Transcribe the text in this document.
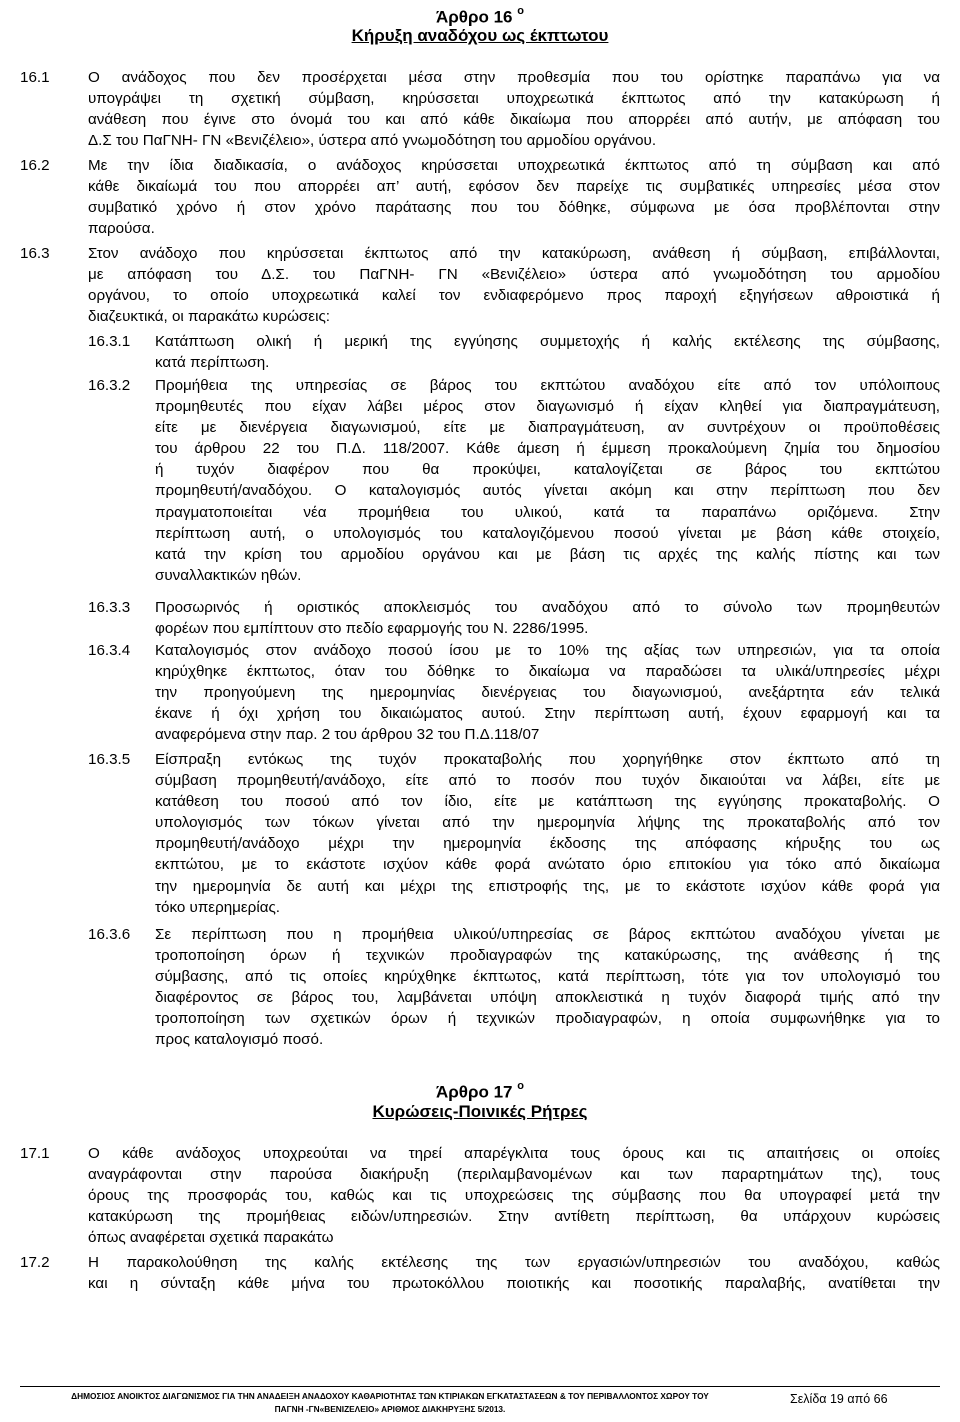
Άρθρο 16 $^o$
Κήρυξη αναδόχου ως έκπτωτου
16.1	Ο ανάδοχος που δεν προσέρχεται μέσα στην προθεσμία που του ορίστηκε παραπάνω για να
υπογράψει τη σχετική σύμβαση, κηρύσσεται υποχρεωτικά έκπτωτος από την κατακύρωση ή
ανάθεση που έγινε στο όνομά του και από κάθε δικαίωμα που απορρέει από αυτήν, με απόφαση του
Δ.Σ του ΠαΓΝΗ- ΓΝ «Βενιζέλειο», ύστερα από γνωμοδότηση του αρμοδίου οργάνου.
16.2	Με την ίδια διαδικασία, ο ανάδοχος κηρύσσεται υποχρεωτικά έκπτωτος από τη σύμβαση και από
κάθε δικαίωμά του που απορρέει απ’ αυτή, εφόσον δεν παρείχε τις συμβατικές υπηρεσίες μέσα στον
συμβατικό χρόνο ή στον χρόνο παράτασης που του δόθηκε, σύμφωνα με όσα προβλέπονται στην
παρούσα.
16.3	Στον ανάδοχο που κηρύσσεται έκπτωτος από την κατακύρωση, ανάθεση ή σύμβαση, επιβάλλονται,
με απόφαση του Δ.Σ. του ΠαΓΝΗ- ΓΝ «Βενιζέλειο» ύστερα από γνωμοδότηση του αρμοδίου
οργάνου, το οποίο υποχρεωτικά καλεί τον ενδιαφερόμενο προς παροχή εξηγήσεων αθροιστικά ή
διαζευκτικά, οι παρακάτω κυρώσεις:
16.3.1 Κατάπτωση ολική ή μερική της εγγύησης συμμετοχής ή καλής εκτέλεσης της σύμβασης,
κατά περίπτωση.
16.3.2 Προμήθεια της υπηρεσίας σε βάρος του εκπτώτου αναδόχου είτε από τον υπόλοιπους
προμηθευτές που είχαν λάβει μέρος στον διαγωνισμό ή είχαν κληθεί για διαπραγμάτευση,
είτε με διενέργεια διαγωνισμού, είτε με διαπραγμάτευση, αν συντρέχουν οι προϋποθέσεις
του άρθρου 22 του Π.Δ. 118/2007. Κάθε άμεση ή έμμεση προκαλούμενη ζημία του δημοσίου
ή τυχόν διαφέρον που θα προκύψει, καταλογίζεται σε βάρος του εκπτώτου
προμηθευτή/αναδόχου. Ο καταλογισμός αυτός γίνεται ακόμη και στην περίπτωση που δεν
πραγματοποιείται νέα προμήθεια του υλικού, κατά τα παραπάνω οριζόμενα. Στην
περίπτωση αυτή, ο υπολογισμός του καταλογιζόμενου ποσού γίνεται με βάση κάθε στοιχείο,
κατά την κρίση του αρμοδίου οργάνου και με βάση τις αρχές της καλής πίστης και των
συναλλακτικών ηθών.
16.3.3 Προσωρινός ή οριστικός αποκλεισμός του αναδόχου από το σύνολο των προμηθευτών
φορέων που εμπίπτουν στο πεδίο εφαρμογής του Ν. 2286/1995.
16.3.4 Καταλογισμός στον ανάδοχο ποσού ίσου με το 10% της αξίας των υπηρεσιών, για τα οποία
κηρύχθηκε έκπτωτος, όταν του δόθηκε το δικαίωμα να παραδώσει τα υλικά/υπηρεσίες μέχρι
την προηγούμενη της ημερομηνίας διενέργειας του διαγωνισμού, ανεξάρτητα εάν τελικά
έκανε ή όχι χρήση του δικαιώματος αυτού. Στην περίπτωση αυτή, έχουν εφαρμογή και τα
αναφερόμενα στην παρ. 2 του άρθρου 32 του Π.Δ.118/07
16.3.5 Είσπραξη εντόκως της τυχόν προκαταβολής που χορηγήθηκε στον έκπτωτο από τη
σύμβαση προμηθευτή/ανάδοχο, είτε από το ποσόν που τυχόν δικαιούται να λάβει, είτε με
κατάθεση του ποσού από τον ίδιο, είτε με κατάπτωση της εγγύησης προκαταβολής. Ο
υπολογισμός των τόκων γίνεται από την ημερομηνία λήψης της προκαταβολής από τον
προμηθευτή/ανάδοχο μέχρι την ημερομηνία έκδοσης της απόφασης κήρυξης του ως
εκπτώτου, με το εκάστοτε ισχύον κάθε φορά ανώτατο όριο επιτοκίου για τόκο από δικαίωμα
την ημερομηνία δε αυτή και μέχρι της επιστροφής της, με το εκάστοτε ισχύον κάθε φορά για
τόκο υπερημερίας.
16.3.6 Σε περίπτωση που η προμήθεια υλικού/υπηρεσίας σε βάρος εκπτώτου αναδόχου γίνεται με
τροποποίηση όρων ή τεχνικών προδιαγραφών της κατακύρωσης, της ανάθεσης ή της
σύμβασης, από τις οποίες κηρύχθηκε έκπτωτος, κατά περίπτωση, τότε για τον υπολογισμό του
διαφέροντος σε βάρος του, λαμβάνεται υπόψη αποκλειστικά η τυχόν διαφορά τιμής από την
τροποποίηση των σχετικών όρων ή τεχνικών προδιαγραφών, η οποία συμφωνήθηκε για το
προς καταλογισμό ποσό.
Άρθρο 17 $^o$
Κυρώσεις-Ποινικές Ρήτρες
17.1	Ο κάθε ανάδοχος υποχρεούται να τηρεί απαρέγκλιτα τους όρους και τις απαιτήσεις οι οποίες
αναγράφονται στην παρούσα διακήρυξη (περιλαμβανομένων και των παραρτημάτων της), τους
όρους της προσφοράς του, καθώς και τις υποχρεώσεις της σύμβασης που θα υπογραφεί μετά την
κατακύρωση της προμήθειας ειδών/υπηρεσιών. Στην αντίθετη περίπτωση, θα υπάρχουν κυρώσεις
όπως αναφέρεται σχετικά παρακάτω
17.2	Η παρακολούθηση της καλής εκτέλεσης της των εργασιών/υπηρεσιών του αναδόχου, καθώς
και η σύνταξη κάθε μήνα του πρωτοκόλλου ποιοτικής και ποσοτικής παραλαβής, ανατίθεται την
ΔΗΜΟΣΙΟΣ ΑΝΟΙΚΤΟΣ ΔΙΑΓΩΝΙΣΜΟΣ ΓΙΑ ΤΗΝ ΑΝΑΔΕΙΞΗ ΑΝΑΔΟΧΟΥ ΚΑΘΑΡΙΟΤΗΤΑΣ ΤΩΝ ΚΤΙΡΙΑΚΩΝ ΕΓΚΑΤΑΣΤΑΣΕΩΝ & ΤΟΥ ΠΕΡΙΒΑΛΛΟΝΤΟΣ ΧΩΡΟΥ ΤΟΥ
ΠΑΓΝΗ -ΓΝ«ΒΕΝΙΖΕΛΕΙΟ» ΑΡΙΘΜΟΣ ΔΙΑΚΗΡΥΞΗΣ 5/2013.
Σελίδα 19 από 66
